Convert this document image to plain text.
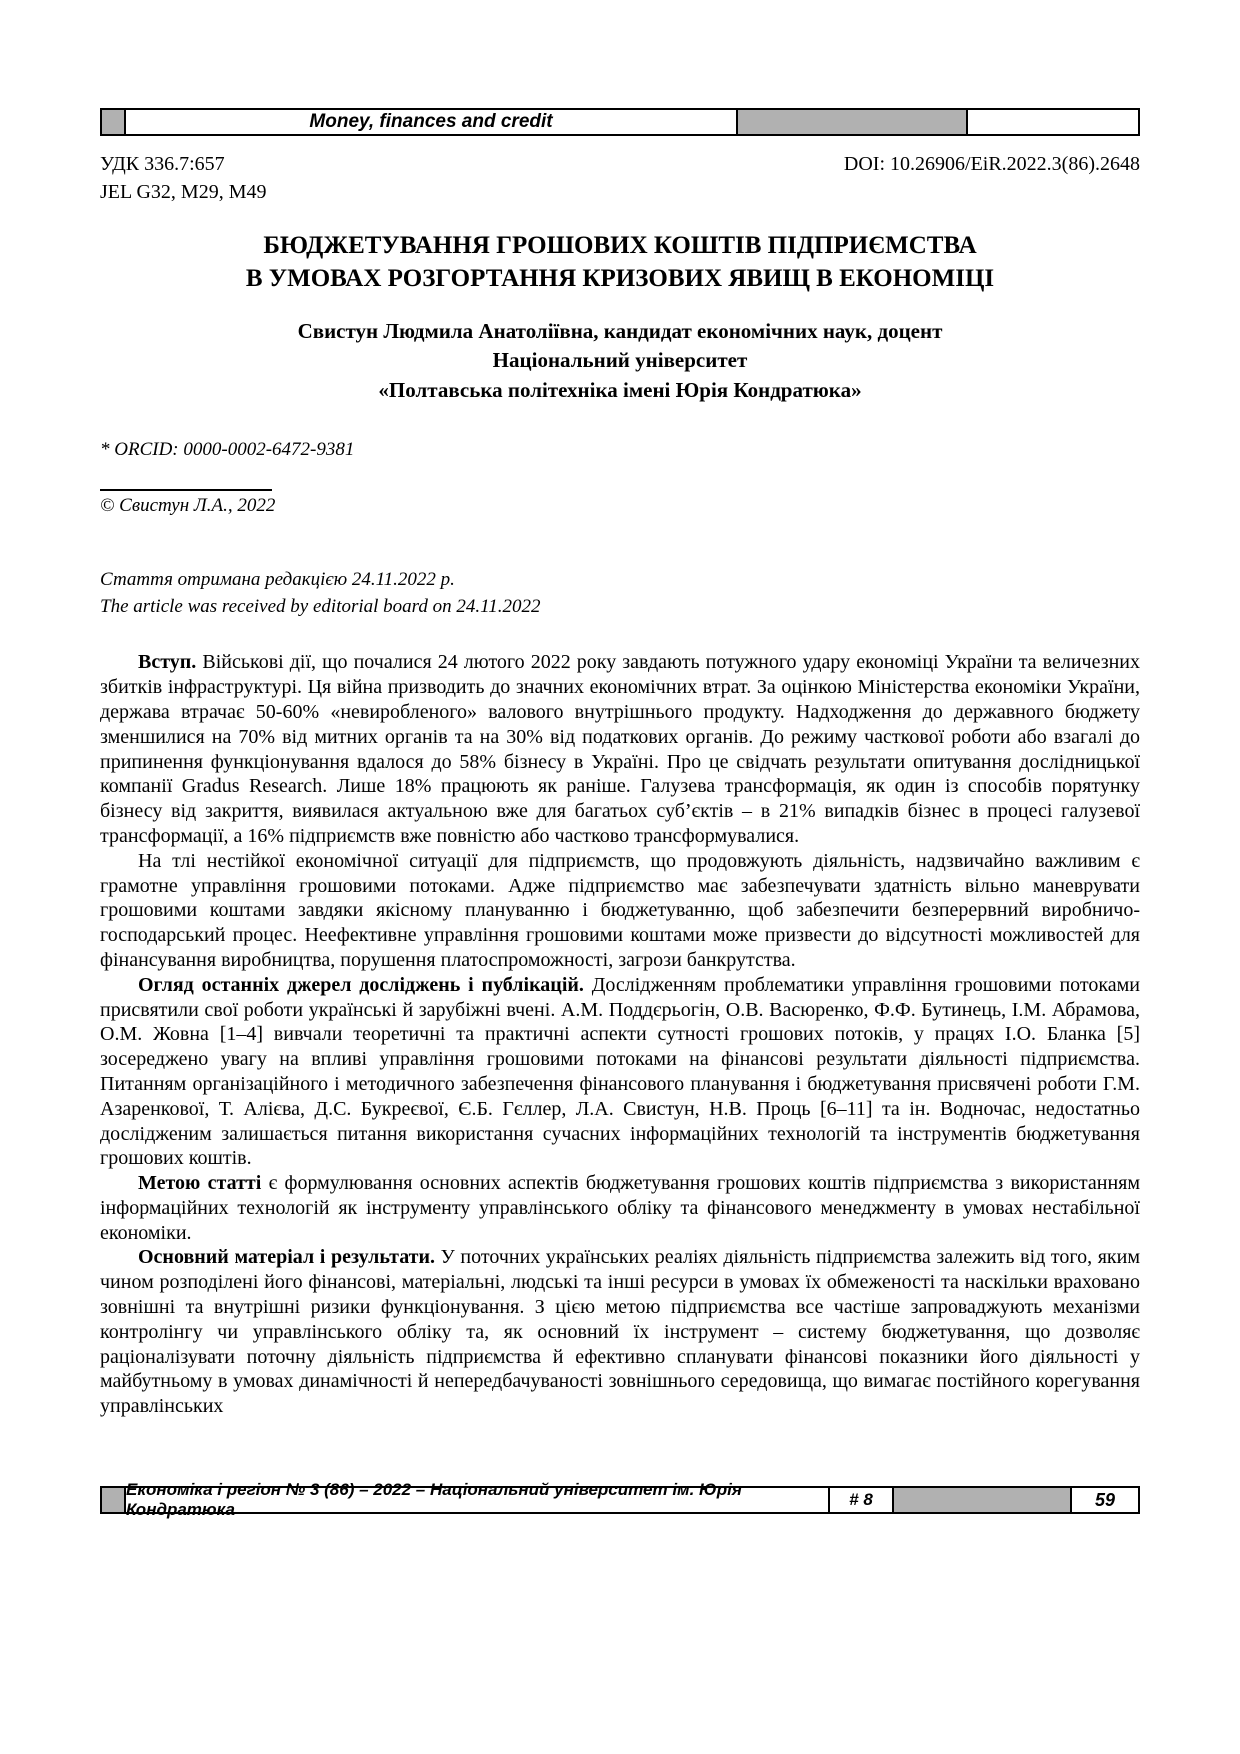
Money, finances and credit
УДК 336.7:657
JEL G32, M29, M49
DOI: 10.26906/EiR.2022.3(86).2648
БЮДЖЕТУВАННЯ ГРОШОВИХ КОШТІВ ПІДПРИЄМСТВА
В УМОВАХ РОЗГОРТАННЯ КРИЗОВИХ ЯВИЩ В ЕКОНОМІЦІ
Свистун Людмила Анатоліївна, кандидат економічних наук, доцент
Національний університет
«Полтавська політехніка імені Юрія Кондратюка»
* ORCID: 0000-0002-6472-9381
© Свистун Л.А., 2022
Стаття отримана редакцією 24.11.2022 р.
The article was received by editorial board on 24.11.2022

Вступ. Військові дії, що почалися 24 лютого 2022 року завдають потужного удару економіці України та величезних збитків інфраструктурі. Ця війна призводить до значних економічних втрат. За оцінкою Міністерства економіки України, держава втрачає 50-60% «невиробленого» валового внутрішнього продукту. Надходження до державного бюджету зменшилися на 70% від митних органів та на 30% від податкових органів. До режиму часткової роботи або взагалі до припинення функціонування вдалося до 58% бізнесу в Україні. Про це свідчать результати опитування дослідницької компанії Gradus Research. Лише 18% працюють як раніше. Галузева трансформація, як один із способів порятунку бізнесу від закриття, виявилася актуальною вже для багатьох суб’єктів – в 21% випадків бізнес в процесі галузевої трансформації, а 16% підприємств вже повністю або частково трансформувалися.

На тлі нестійкої економічної ситуації для підприємств, що продовжують діяльність, надзвичайно важливим є грамотне управління грошовими потоками. Адже підприємство має забезпечувати здатність вільно маневрувати грошовими коштами завдяки якісному плануванню і бюджетуванню, щоб забезпечити безперервний виробничо-господарський процес. Неефективне управління грошовими коштами може призвести до відсутності можливостей для фінансування виробництва, порушення платоспроможності, загрози банкрутства.

Огляд останніх джерел досліджень і публікацій. Дослідженням проблематики управління грошовими потоками присвятили свої роботи українські й зарубіжні вчені. А.М. Поддєрьогін, О.В. Васюренко, Ф.Ф. Бутинець, І.М. Абрамова, О.М. Жовна [1–4] вивчали теоретичні та практичні аспекти сутності грошових потоків, у працях І.О. Бланка [5] зосереджено увагу на впливі управління грошовими потоками на фінансові результати діяльності підприємства. Питанням організаційного і методичного забезпечення фінансового планування і бюджетування присвячені роботи Г.М. Азаренкової, Т. Алієва, Д.С. Букреєвої, Є.Б. Гєллер, Л.А. Свистун, Н.В. Проць [6–11] та ін. Водночас, недостатньо дослідженим залишається питання використання сучасних інформаційних технологій та інструментів бюджетування грошових коштів.

Метою статті є формулювання основних аспектів бюджетування грошових коштів підприємства з використанням інформаційних технологій як інструменту управлінського обліку та фінансового менеджменту в умовах нестабільної економіки.

Основний матеріал і результати. У поточних українських реаліях діяльність підприємства залежить від того, яким чином розподілені його фінансові, матеріальні, людські та інші ресурси в умовах їх обмеженості та наскільки враховано зовнішні та внутрішні ризики функціонування. З цією метою підприємства все частіше запроваджують механізми контролінгу чи управлінського обліку та, як основний їх інструмент – систему бюджетування, що дозволяє раціоналізувати поточну діяльність підприємства й ефективно спланувати фінансові показники його діяльності у майбутньому в умовах динамічності й непередбачуваності зовнішнього середовища, що вимагає постійного корегування управлінських

Економіка і регіон № 3 (86) – 2022 – Національний університет ім. Юрія Кондратюка
# 8	59
